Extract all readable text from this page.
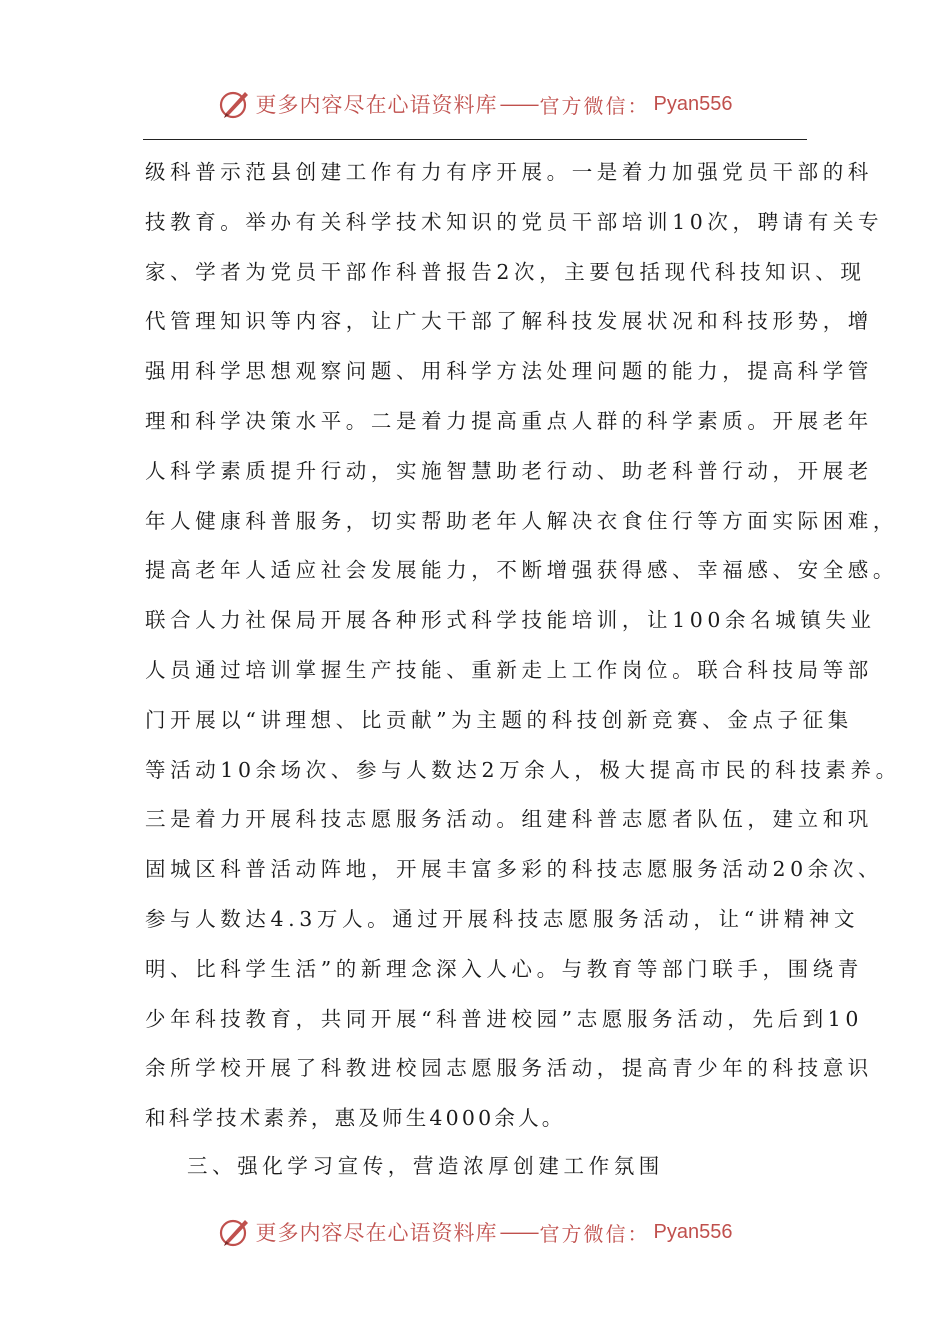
更多内容尽在心语资料库 —— 官方微信： Pyan556
级科普示范县创建工作有力有序开展。一是着力加强党员干部的科
技教育。举办有关科学技术知识的党员干部培训10次，聘请有关专
家、学者为党员干部作科普报告2次，主要包括现代科技知识、现
代管理知识等内容，让广大干部了解科技发展状况和科技形势，增
强用科学思想观察问题、用科学方法处理问题的能力，提高科学管
理和科学决策水平。二是着力提高重点人群的科学素质。开展老年
人科学素质提升行动，实施智慧助老行动、助老科普行动，开展老
年人健康科普服务，切实帮助老年人解决衣食住行等方面实际困难，
提高老年人适应社会发展能力，不断增强获得感、幸福感、安全感。
联合人力社保局开展各种形式科学技能培训，让100余名城镇失业
人员通过培训掌握生产技能、重新走上工作岗位。联合科技局等部
门开展以“讲理想、比贡献”为主题的科技创新竞赛、金点子征集
等活动10余场次、参与人数达2万余人，极大提高市民的科技素养。
三是着力开展科技志愿服务活动。组建科普志愿者队伍，建立和巩
固城区科普活动阵地，开展丰富多彩的科技志愿服务活动20余次、
参与人数达4.3万人。通过开展科技志愿服务活动，让“讲精神文
明、比科学生活”的新理念深入人心。与教育等部门联手，围绕青
少年科技教育，共同开展“科普进校园”志愿服务活动，先后到10
余所学校开展了科教进校园志愿服务活动，提高青少年的科技意识
和科学技术素养，惠及师生4000余人。
三、强化学习宣传，营造浓厚创建工作氛围
更多内容尽在心语资料库 —— 官方微信： Pyan556
